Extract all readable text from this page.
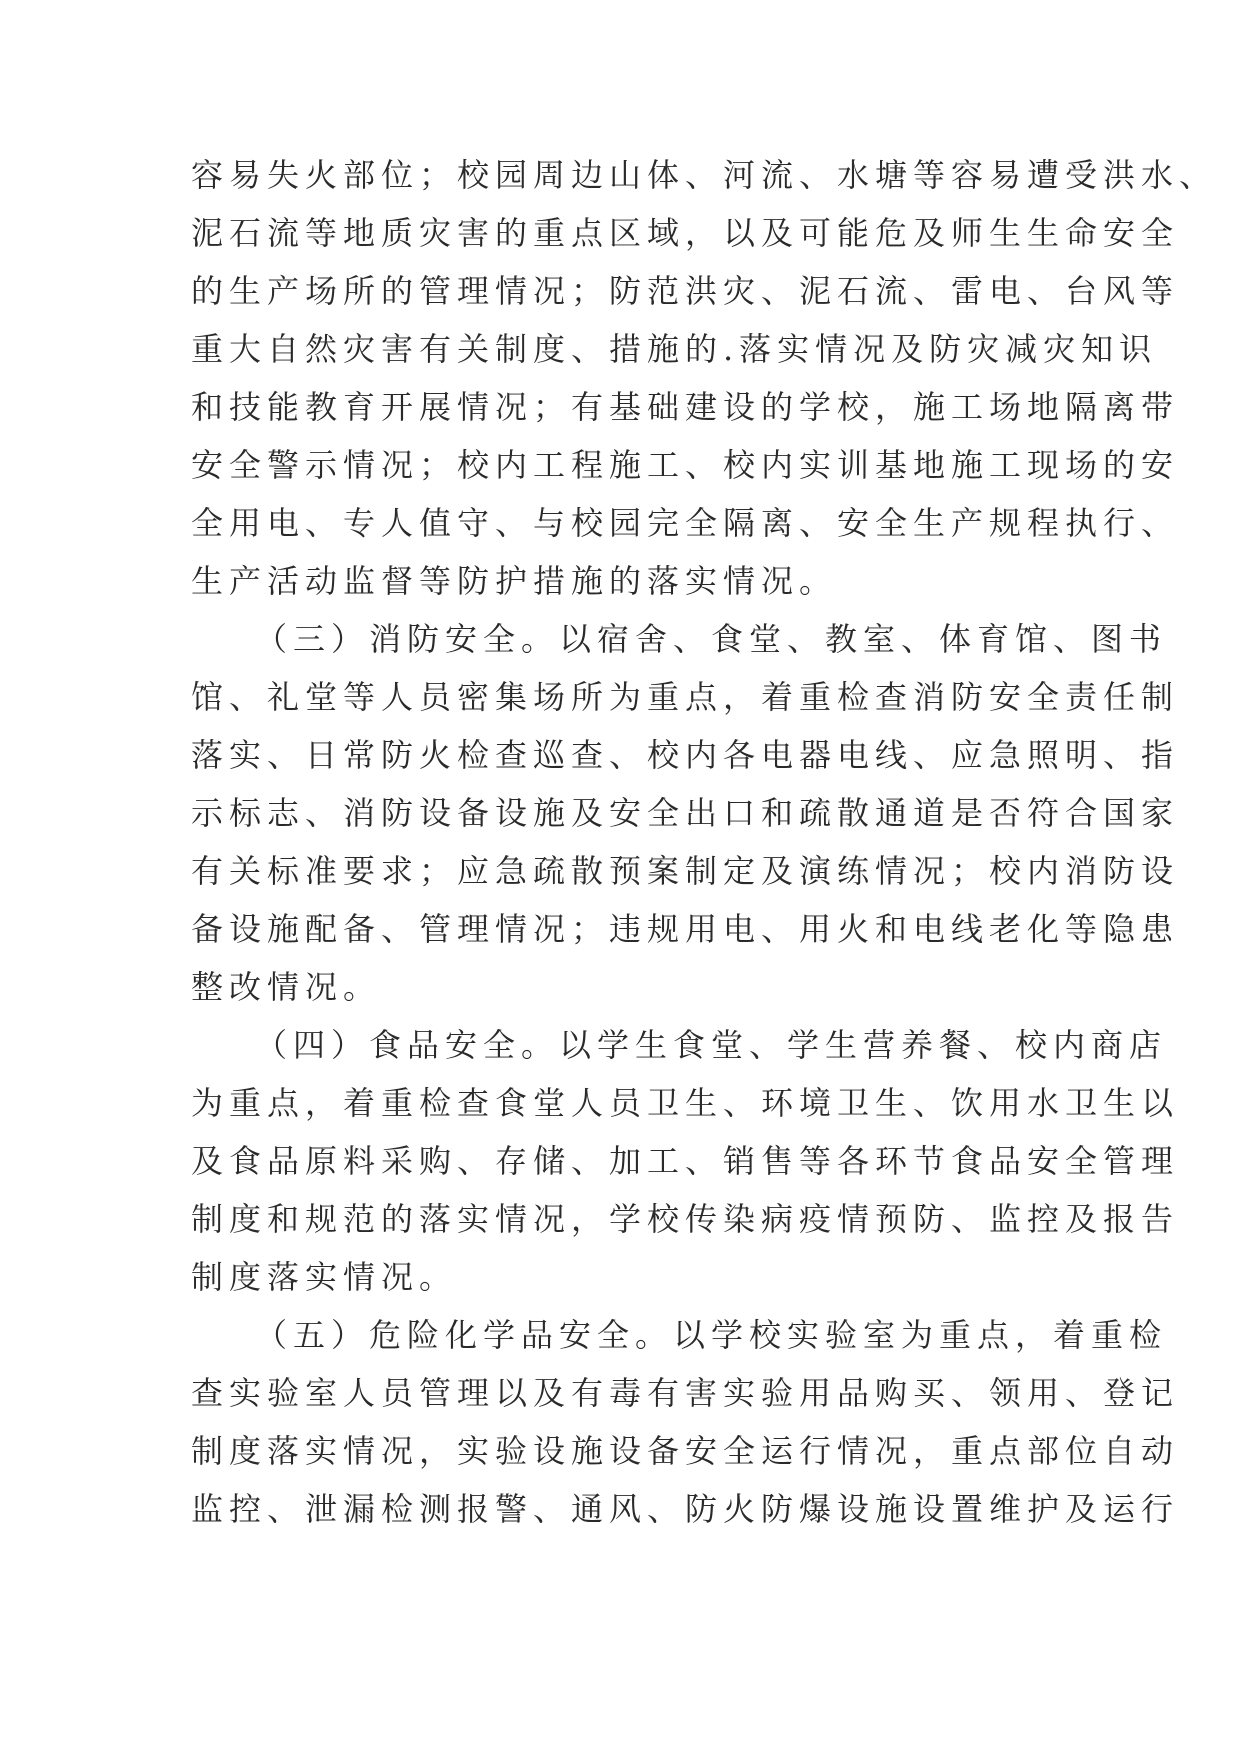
容易失火部位；校园周边山体、河流、水塘等容易遭受洪水、
泥石流等地质灾害的重点区域，以及可能危及师生生命安全
的生产场所的管理情况；防范洪灾、泥石流、雷电、台风等
重大自然灾害有关制度、措施的.落实情况及防灾减灾知识
和技能教育开展情况；有基础建设的学校，施工场地隔离带
安全警示情况；校内工程施工、校内实训基地施工现场的安
全用电、专人值守、与校园完全隔离、安全生产规程执行、
生产活动监督等防护措施的落实情况。
（三）消防安全。以宿舍、食堂、教室、体育馆、图书
馆、礼堂等人员密集场所为重点，着重检查消防安全责任制
落实、日常防火检查巡查、校内各电器电线、应急照明、指
示标志、消防设备设施及安全出口和疏散通道是否符合国家
有关标准要求；应急疏散预案制定及演练情况；校内消防设
备设施配备、管理情况；违规用电、用火和电线老化等隐患
整改情况。
（四）食品安全。以学生食堂、学生营养餐、校内商店
为重点，着重检查食堂人员卫生、环境卫生、饮用水卫生以
及食品原料采购、存储、加工、销售等各环节食品安全管理
制度和规范的落实情况，学校传染病疫情预防、监控及报告
制度落实情况。
（五）危险化学品安全。以学校实验室为重点，着重检
查实验室人员管理以及有毒有害实验用品购买、领用、登记
制度落实情况，实验设施设备安全运行情况，重点部位自动
监控、泄漏检测报警、通风、防火防爆设施设置维护及运行
